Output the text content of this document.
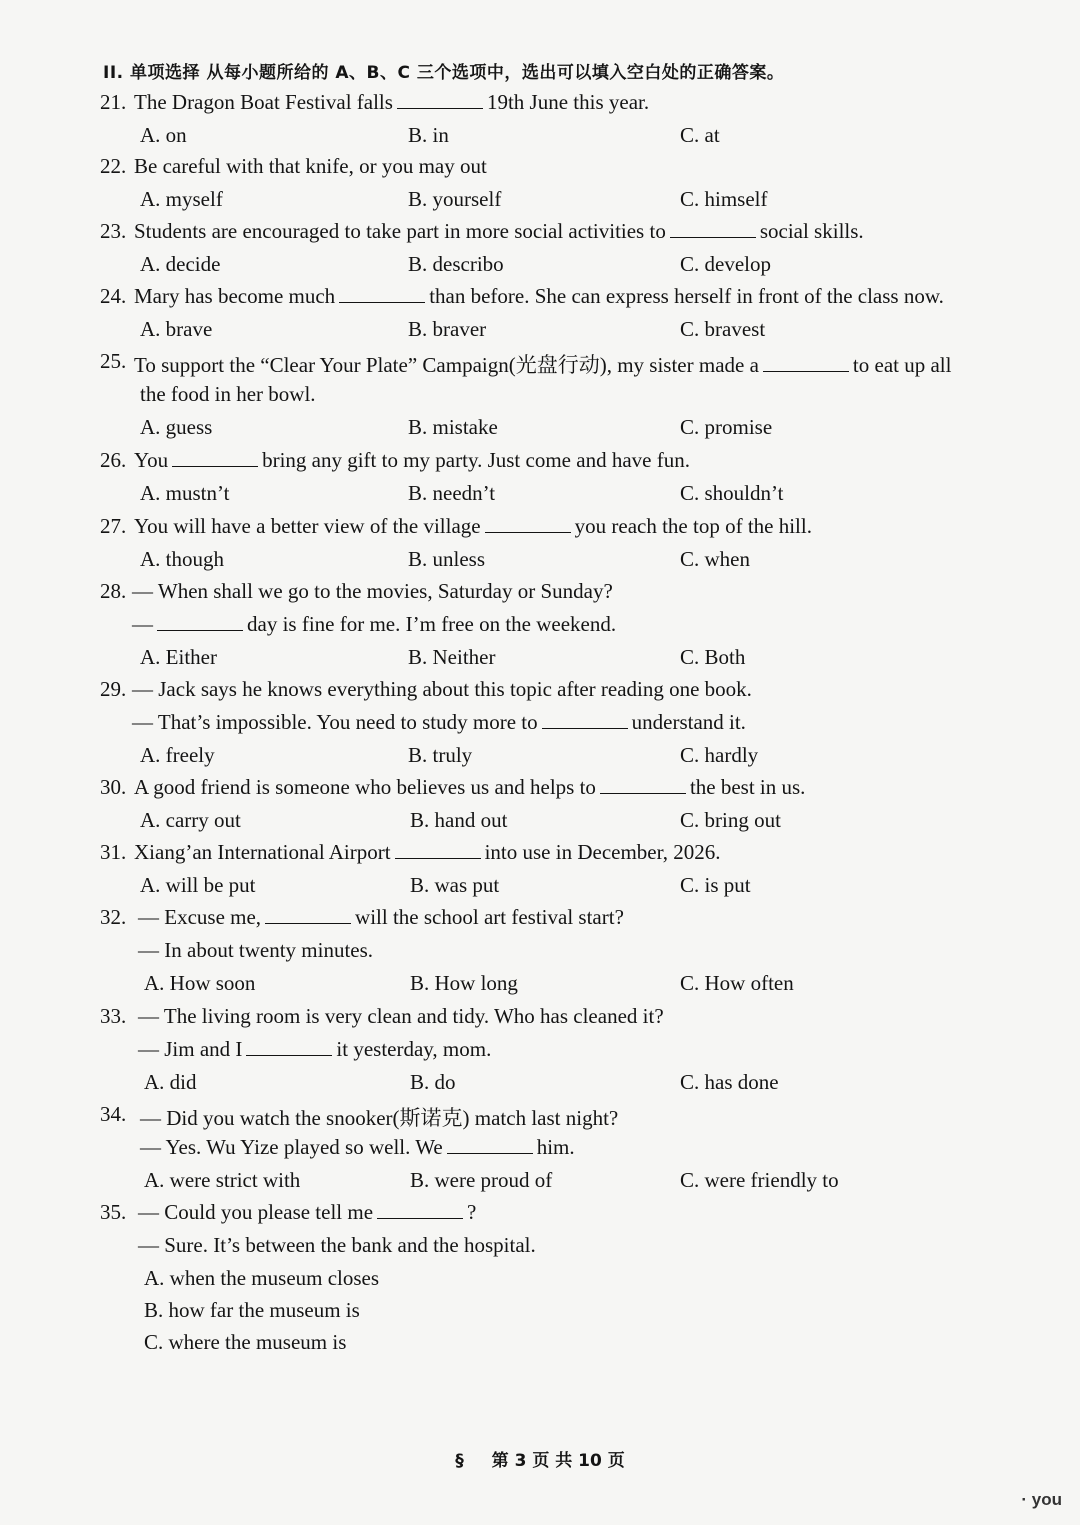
II. 单项选择 从每小题所给的 A、B、C 三个选项中，选出可以填入空白处的正确答案。
21. The Dragon Boat Festival falls	19th June this year.
A. on	B. in	C. at
22. Be careful with that knife, or you may out
A. myself	B. yourself	C. himself
23. Students are encouraged to take part in more social activities to	social skills.
A. decide	B. describo	C. develop
24. Mary has become much	than before. She can express herself in front of the class now.
A. brave	B. braver	C. bravest
25. To support the “Clear Your Plate” Campaign(光盘行动), my sister made a	to eat up all
the food in her bowl.
A. guess	B. mistake	C. promise
26. You	bring any gift to my party. Just come and have fun.
A. mustn’t	B. needn’t	C. shouldn’t
27. You will have a better view of the village	you reach the top of the hill.
A. though	B. unless	C. when
28. — When shall we go to the movies, Saturday or Sunday?
—	day is fine for me. I’m free on the weekend.
A. Either	B. Neither	C. Both
29. — Jack says he knows everything about this topic after reading one book.
— That’s impossible. You need to study more to	understand it.
A. freely	B. truly	C. hardly
30. A good friend is someone who believes us and helps to	the best in us.
A. carry out	B. hand out	C. bring out
31. Xiang’an International Airport	into use in December, 2026.
A. will be put	B. was put	C. is put
32. — Excuse me,	will the school art festival start?
— In about twenty minutes.
A. How soon	B. How long	C. How often
33. — The living room is very clean and tidy. Who has cleaned it?
— Jim and I	it yesterday, mom.
A. did	B. do	C. has done
34. — Did you watch the snooker(斯诺克) match last night?
— Yes. Wu Yize played so well. We	him.
A. were strict with	B. were proud of	C. were friendly to
35. — Could you please tell me	?
— Sure. It’s between the bank and the hospital.
A. when the museum closes
B. how far the museum is
C. where the museum is
§ 第 3 页 共 10 页
· you
